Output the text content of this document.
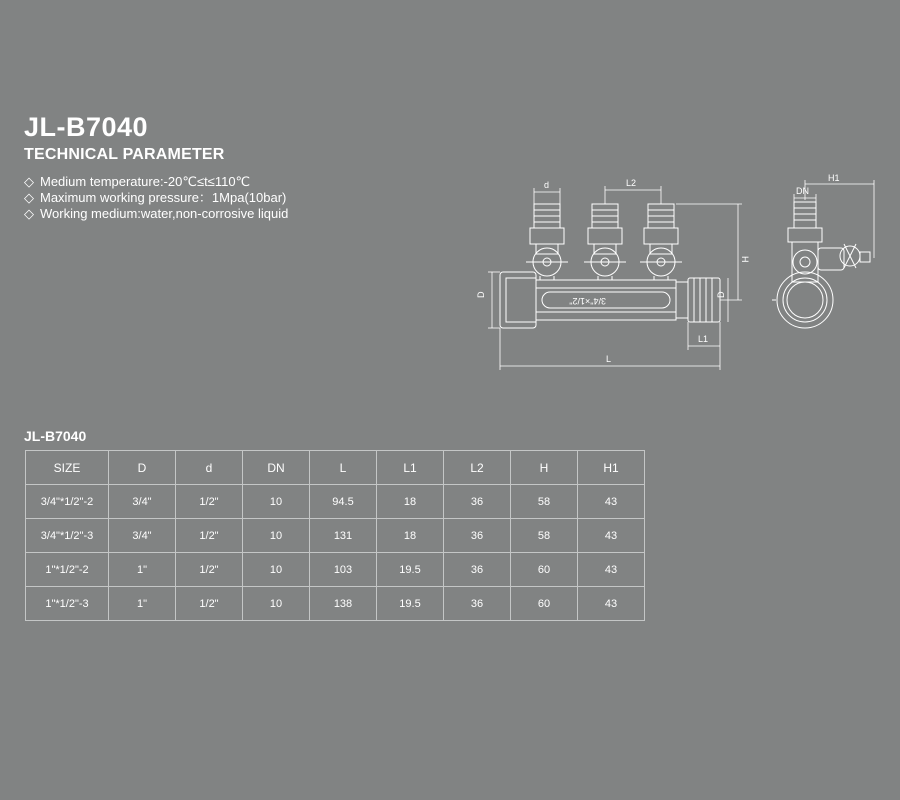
JL-B7040
TECHNICAL PARAMETER
◇ Medium temperature:-20℃≤t≤110℃
◇ Maximum working pressure：1Mpa(10bar)
◇ Working medium:water,non-corrosive liquid
d	L2
H
D	D
L1
L
H1
DN
3/4"×1/2"
JL-B7040
SIZE	D	d	DN	L	L1	L2	H	H1
3/4"*1/2"-2	3/4"	1/2"	10	94.5	18	36	58	43
3/4"*1/2"-3	3/4"	1/2"	10	131	18	36	58	43
1"*1/2"-2	1"	1/2"	10	103	19.5	36	60	43
1"*1/2"-3	1"	1/2"	10	138	19.5	36	60	43
